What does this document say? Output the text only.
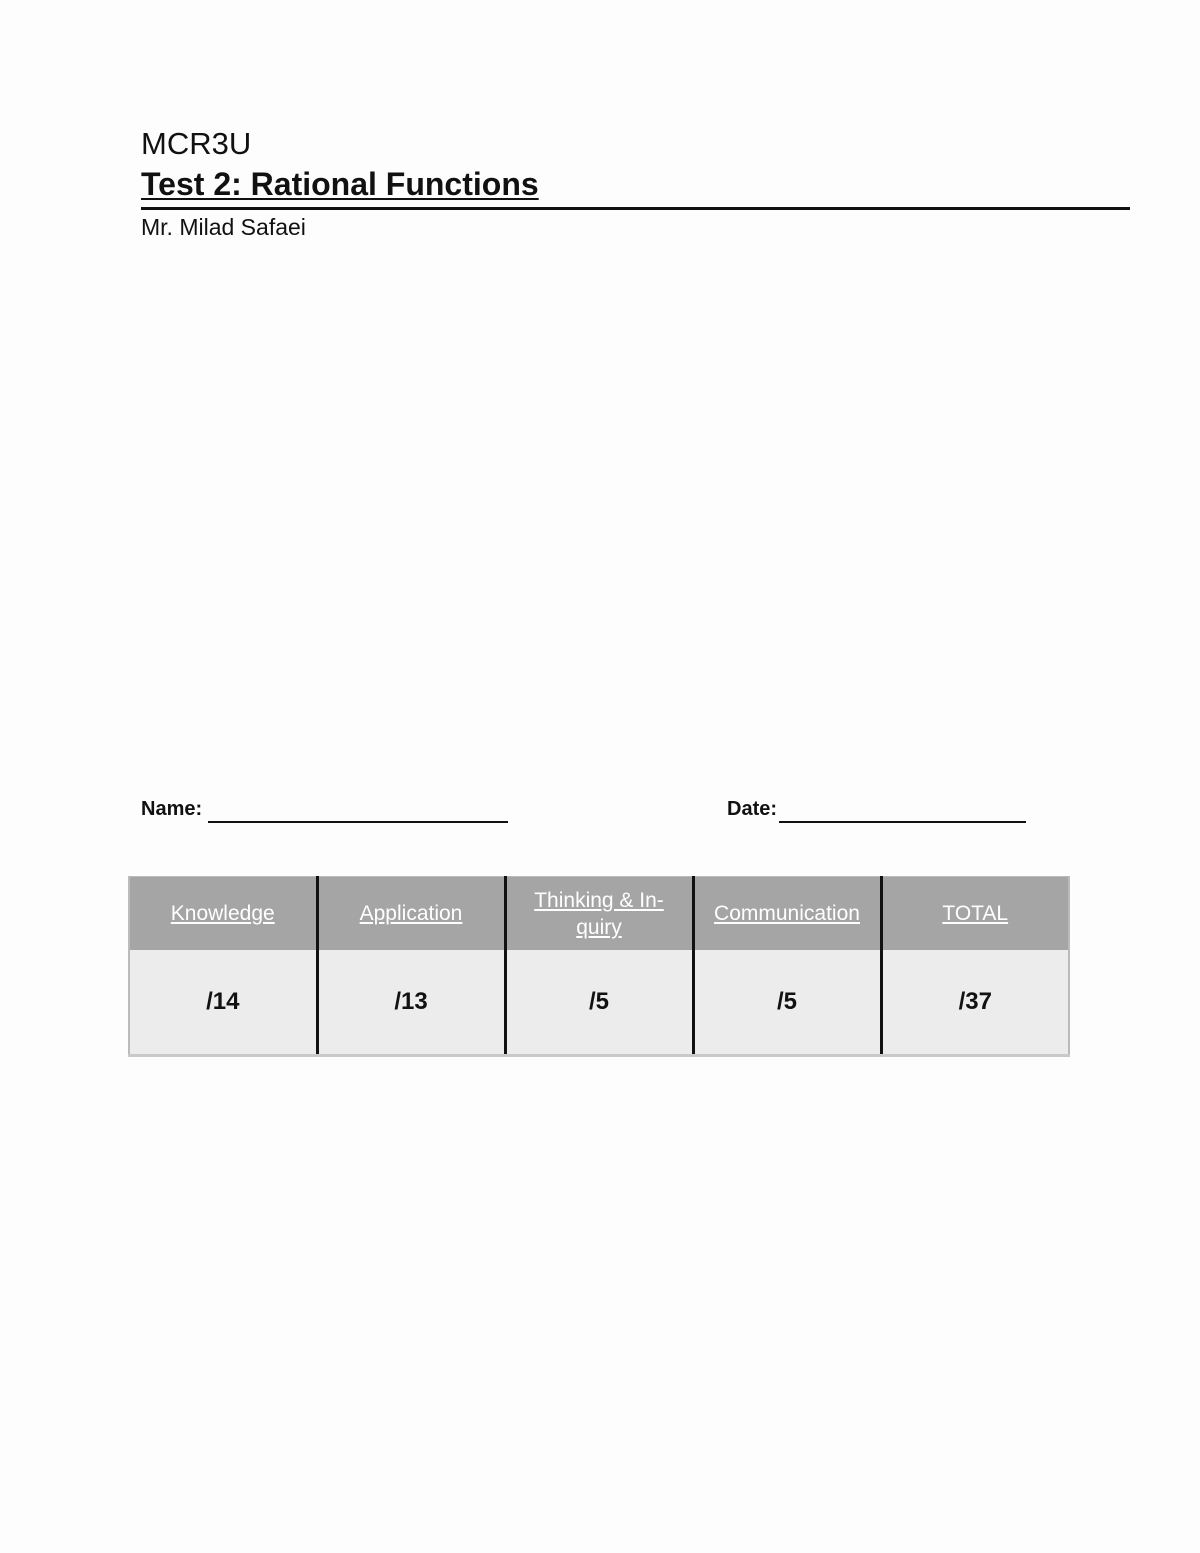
MCR3U
Test 2: Rational Functions
Mr. Milad Safaei
Name:	Date:
Knowledge	Application	Thinking & In-quiry	Communication	TOTAL
/14	/13	/5	/5	/37
